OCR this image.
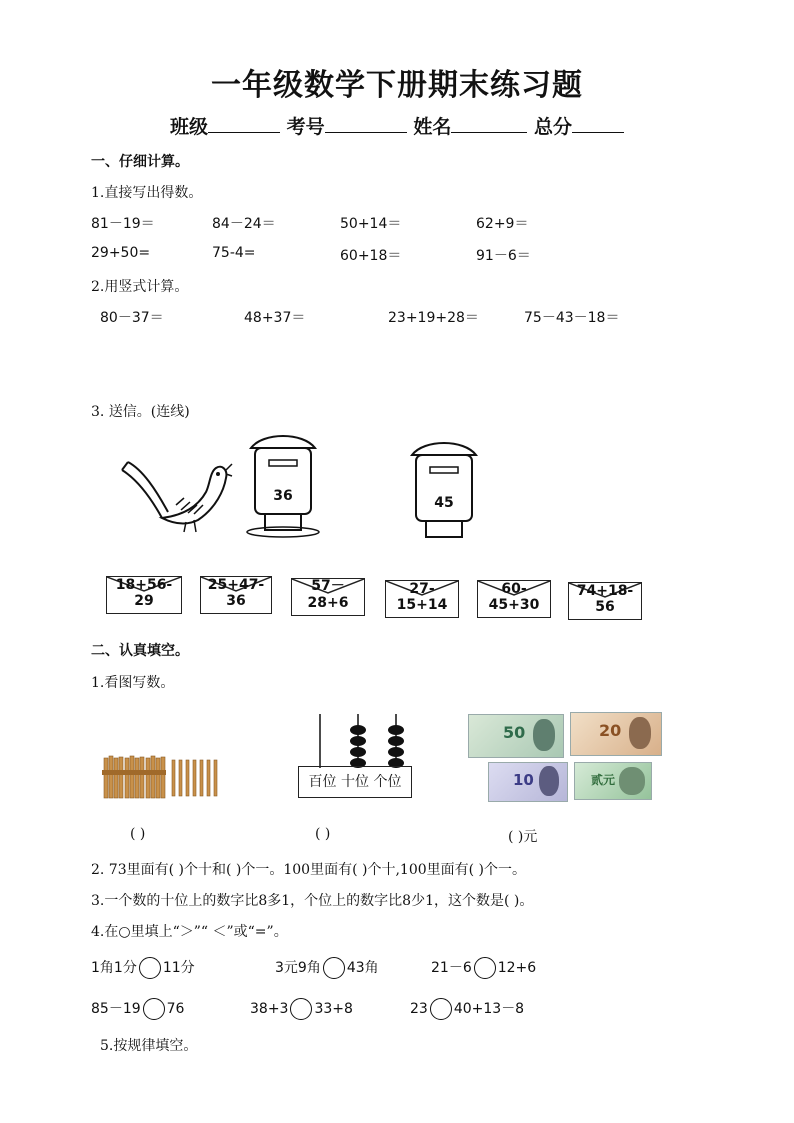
一年级数学下册期末练习题
班级	考号	姓名	总分
一、仔细计算。
1.直接写出得数。
81－19＝	84－24＝	50+14＝	62+9＝
29+50=	75-4=	60+18＝	91－6＝
2.用竖式计算。
80－37＝	48+37＝	23+19+28＝	75－43－18＝
3. 送信。(连线)
36	45
18+56-29
25+47-36
57－28+6
27-15+14
60-45+30
74+18-56
二、认真填空。
1.看图写数。
百位 十位 个位
50	20
10	贰元
( )	( )	( )元
2. 73里面有( )个十和( )个一。100里面有( )个十,100里面有( )个一。
3.一个数的十位上的数字比8多1，个位上的数字比8少1，这个数是( )。
4.在○里填上“＞”“ ＜”或“=”。
1角1分 11分	3元9角 43角	21－6 12+6
85－19 76	38+3 33+8	23 40+13－8
5.按规律填空。
